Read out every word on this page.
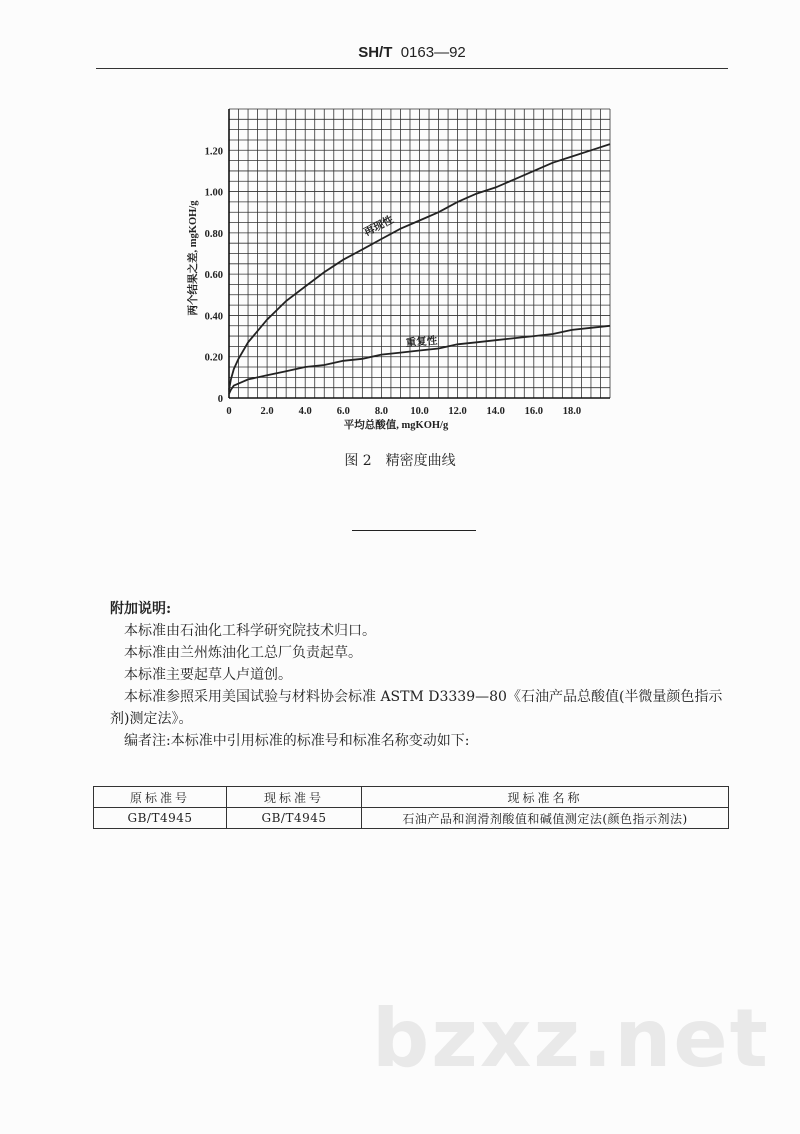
SH/T 0163—92
0	2.0 4.0 6.0 8.0 10.0 12.0 14.0 16.0 18.0
0
0.20
0.40
0.60
0.80
1.00
1.20
再现性
重复性
平均总酸值, mgKOH/g
两个结果之差, mgKOH/g
图 2　精密度曲线

附加说明:

本标准由石油化工科学研究院技术归口。

本标准由兰州炼油化工总厂负责起草。

本标准主要起草人卢道创。

本标准参照采用美国试验与材料协会标准 ASTM D3339—80《石油产品总酸值(半微量颜色指示

剂)测定法》。

编者注:本标准中引用标准的标准号和标准名称变动如下:

原标准号	现标准号	现标准名称
GB/T4945	GB/T4945	石油产品和润滑剂酸值和碱值测定法(颜色指示剂法)
bzxz.net
